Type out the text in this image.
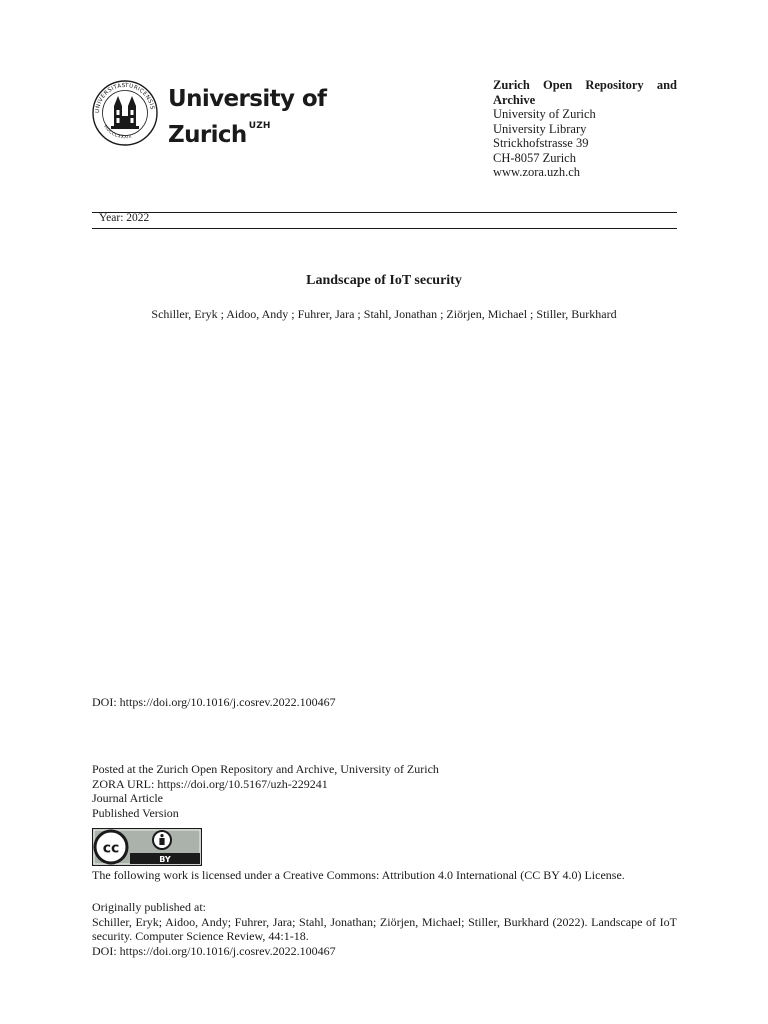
UNIVERSITAS
TURICENSIS
MDCCCXXXIII
University of
Zurich $^{UZH}$
Zurich Open Repository and Archive
University of Zurich
University Library
Strickhofstrasse 39
CH-8057 Zurich
www.zora.uzh.ch
Year: 2022
Landscape of IoT security
Schiller, Eryk ; Aidoo, Andy ; Fuhrer, Jara ; Stahl, Jonathan ; Ziörjen, Michael ; Stiller, Burkhard
DOI: https://doi.org/10.1016/j.cosrev.2022.100467
Posted at the Zurich Open Repository and Archive, University of Zurich
ZORA URL: https://doi.org/10.5167/uzh-229241
Journal Article
Published Version
cc
BY
The following work is licensed under a Creative Commons: Attribution 4.0 International (CC BY 4.0) License.
Originally published at:
Schiller, Eryk; Aidoo, Andy; Fuhrer, Jara; Stahl, Jonathan; Ziörjen, Michael; Stiller, Burkhard (2022). Landscape of IoT security. Computer Science Review, 44:1-18.
DOI: https://doi.org/10.1016/j.cosrev.2022.100467
